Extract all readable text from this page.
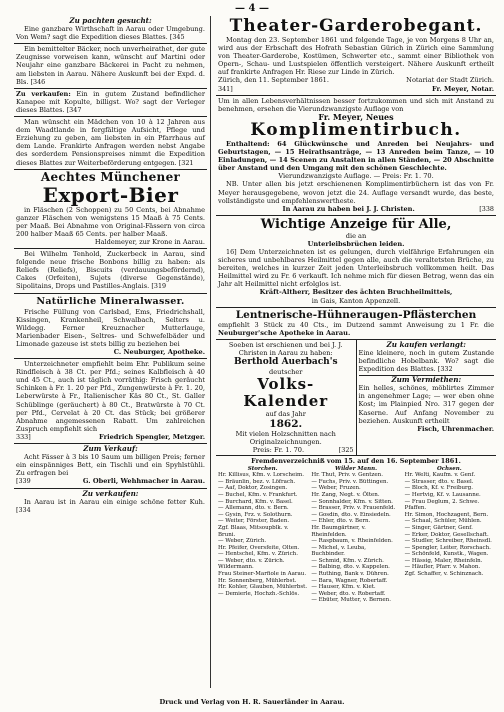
— 4 —
Zu pachten gesucht:

Eine ganzbare Wirthschaft in Aarau oder Umgebung. Von Wem? sagt die Expedition dieses Blattes. [345

Ein bemittelter Bäcker, noch unverheirathet, der gute Zeugnisse vorweisen kann, wünscht auf Martini oder Neujahr eine ganzbare Bäckerei in Pacht zu nehmen, am liebsten in Aarau. Nähere Auskunft bei der Expd. d. Bls. [346

Zu verkaufen: Ein in gutem Zustand befindlicher Kanapee mit Kopulte, billigst. Wo? sagt der Verleger dieses Blattes. [347

Man wünscht ein Mädchen von 10 à 12 Jahren aus dem Waadtlande in fergfältige Aufsicht, Pflege und Erziehung zu geben, am liebsten in ein Pfarrhaus auf dem Lande. Frankirte Anfragen werden nebst Angabe des sorderdem Pensionspreises nimmt die Expedition dieses Blattes zur Weiterbeförderung entgegen. [321

Aechtes Münchener
Export-Bier

in Fläschen (2 Schoppen) zu 50 Cents, bei Abnahme ganzer Fläschen von wenigstens 15 Maaß à 75 Cents. per Maaß. Bei Abnahme von Original-Fässern von circa 200 halber Maaß 65 Cents. per halber Maaß.

Haldemeyer, zur Krone in Aarau.

Bei Wilhelm Tenhold, Zuckerbeck in Aarau, sind folgende neue frische Bonbons billig zu haben: als Reliefs (Reliefs), Biscuits (verdauungsbefördernd), Cakes (Orfeiten), Sujets (diverse Gegenstände), Sipolitains, Drops und Pastilles-Anglais. [319

Natürliche Mineralwasser.

Frische Füllung von Carlsbad, Ems, Friedrichshall, Kissingen, Krankenheil, Schwalbach, Selters u. Wildegg. Ferner Kreuznacher Mutterlauge, Marienbader Eisen-, Seltres- und Schwefelbäder und Limonade gazeuse ist stets billig zu beziehen bei

C. Neuburger, Apotheke.

Unterzeichneter empfiehlt beim Ehr. Publikum seine Rindfleisch à 38 Ct. per Pfd.; seines Kalbfleisch à 40 und 45 Ct., auch ist täglich vorräthig: Frisch geräucht Schinken à Fr. 1. 20 per Pfd., Zungenwürste à Fr. 1. 20, Leberwürste à Fr., Italienischer Käs 80 Ct., St. Galler Schüblinge (geräuchert) à 80 Ct., Bratwürste à 70 Ct. per Pfd., Cervelat à 20 Ct. das Stück; bei größerer Abnahme angemessenen Rabatt. Um zahlreichen Zuspruch empfiehlt sich

333]	Friedrich Spengler, Metzger.
Zum Verkauf:

Acht Fässer à 3 bis 10 Saum um billigen Preis; ferner ein einspänniges Bett, ein Tischli und ein Spyhlstühli. Zu erfragen bei

[339	G. Oberli, Wehhmacher in Aarau.
Zu verkaufen:

In Aarau ist in Aarau ein einige schöne fetter Kuh. [334

Theater-Garderobegant.

Montag den 23. September 1861 und folgende Tage, je von Morgens 8 Uhr an, wird aus der Erbschaft des Hofrath Sebastian Gürich in Zürich eine Sammlung von Theater-Garderobe, Kostümen, Schwerter etc., sammt einer Bibliothek von Opern-, Schau- und Lustspielen öffentlich versteigert. Nähere Auskunft ertheilt auf frankirte Anfragen Hr. Riese zur Linde in Zürich.

Zürich, den 11. September 1861.	Notariat der Stadt Zürich.
341]	Fr. Meyer, Notar.

Um in allen Lebensverhältnissen besser fortzukommen und sich mit Anstand zu benehmen, ersehen die Vierundzwanzigste Auflage von

Fr. Meyer, Neues
Komplimentirbuch.

Enthaltend: 64 Glückwünsche und Anreden bei Neujahrs- und Geburtstagen, — 15 Heirathsanträge, — 13 Anreden beim Tanze, — 10 Einladungen, — 14 Scenen zu Anstalten in allen Ständen, — 20 Abschnitte über Anstand und den Umgang mit den schönen Geschlechte.

Vierundzwanzigste Auflage. — Preis: Fr. 1. 70.

NB. Unter allen bis jetzt erschienenen Komplimentirbüchern ist das von Fr. Meyer herausgegebene, wovon jetzt die 24. Auflage versandt wurde, das beste, vollständigste und empfehlenswertheste.

In Aarau zu haben bei J. J. Christen.	[338
Wichtige Anzeige für Alle,
die an
Unterleibsbrüchen leiden.

16] Dem Unterzeichneten ist es gelungen, durch vielfährige Erfahrungen ein sicheres und unbehlbares Heilmittel gegen alle, auch die veraltetsten Brüche, zu bereiten, welches in kurzer Zeit jeden Unterleibsbruch vollkommen heilt. Das Heilmittel wird zu Fr. 6 verkauft. Ich nehme mich für diesen Betrag, wenn das ein Jahr alt Heilmittel nicht erfolglos ist.

Kräft-Altherr, Besitzer des ächten Bruchheilmittels,
in Gais, Kanton Appenzell.
Lentnerische-Hühneraugen-Pflästerchen

empfiehlt 3 Stück zu 40 Cts., im Dutzend sammt Anweisung zu 1 Fr. die Neuburger'sche Apotheke in Aarau.

Soeben ist erschienen und bei J. J. Christen in Aarau zu haben:
Berthold Auerbach's
deutscher
Volks-Kalender
auf das Jahr
1862.
Mit vielen Holzschnitten nach Originalzeichnungen.
Preis: Fr. 1. 70.	[325
Zu kaufen verlangt:

Eine kleinere, noch in gutem Zustande befindliche Hobelbank. Wo? sagt die Expedition des Blattes. [332

Zum Vermiethen:

Ein helles, schönes, möblirtes Zimmer in angenehmer Lage; — wer eben ohne Kost; im Plainpied Nro. 317 gegen der Kaserne. Auf Anfang November zu beziehen. Auskunft ertheilt

Fisch, Uhrenmacher.
Fremdenverzeichniß vom 15. auf den 16. September 1861.
Storchen.
Hr. Killisus, Kfm. v. Lorscheim.
— Bräunlin, bez. v. Löfrach.
— Aaf, Doktor, Zosingen.
— Buchel, Kfm. v. Frankfurt.
— Burchard, Kfm. v. Basel.
— Allemann, dto. v. Bern.
— Gysin, Frz. v. Solothurn.
— Weiter, Förster, Baden.
Zgf. Blaas, Mitsoupblk. v. Bruni.
— Weber, Zürich.
Hr. Pfeifer, Oversfeite, Olten.
— Hentschel, Kfm. v. Zürich.
— Weber, dto. v. Zürich.
Wildermann.
Frau Steiner-Marfiole in Aarau.
Hr. Sonnenberg, Mühlerbst.
Hr. Kohler, Glauben, Mühlerbst.
— Demierle, Hochzh.-Schlös.
Wilder Mann.
Hr. Thut, Priv. v. Gentzen.
— Fuchs, Priv. v. Büttingen.
— Weber, Fruzen.
Hr. Zang, Negt. v. Ölten.
— Sonnhalder, Kfm. v. Sitten.
— Brasser, Priv. v. Frauenfeld.
— Gosdin, dto. v. Einsiedeln.
— Ehler, dto. v. Bern.
Hr. Baumgärtner, v. Rheinfelden.
— Raspbaum, v. Rheinfelden.
— Michel, v. Leuba, Buchbinder.
— Schmid, Kfm. v. Zürich.
— Balbing, dto. v. Kappelen.
— Ruthing, Bank v. Dühren.
— Bara, Wagner, Robertaff.
— Hauser, Kfm. v. Kiet.
— Weber, dto. v. Robertaff.
— Ebüter, Mutter, v. Bernen.
Ochsen.
Hr. Welti, Kaufm. v. Genf.
— Strasser, dto. v. Basel.
— Bloch, Kf. v. Freiburg.
— Hertvig, Kf. v. Lausanne.
— Frau Deglum, 2. Schwe.
Pfaffen.
Hr. Simon, Hochzagent, Bern.
— Schaal, Schüler, Mühlen.
— Singer, Gärtner, Genf.
— Erker, Doktor, Gesellschaft.
— Studler, Schreiber, Rheinsdl.
— Spengler, Leiter, Rorschach.
— Schönfeld, Kunstk., Wagen.
— Hässig, Maler, Rheinfeln.
— Häufler, Pfarr. v. Mahon.
Zgf. Schaffer, v. Schinznach.
Druck und Verlag von H. R. Sauerländer in Aarau.
